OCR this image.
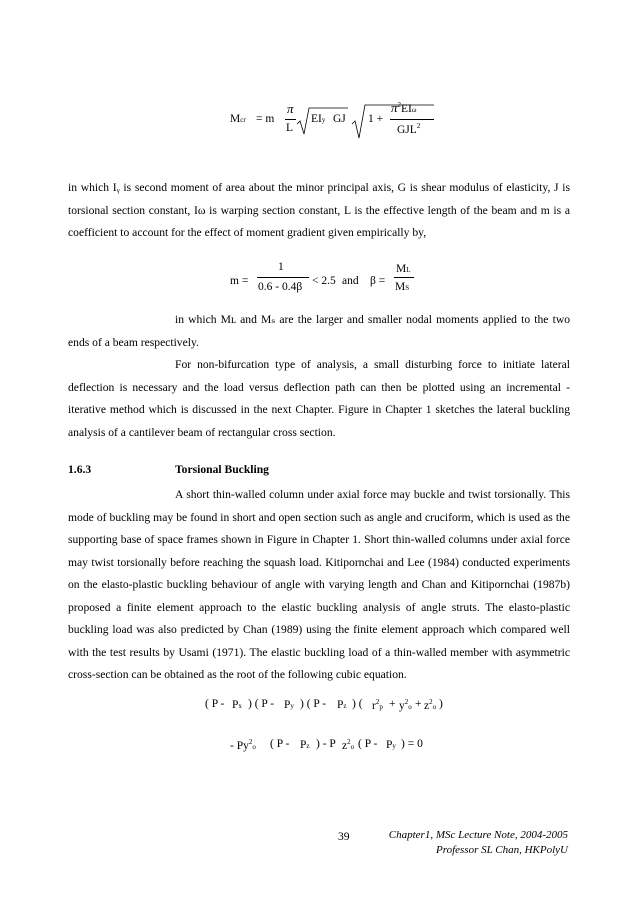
Mcr = m
π
L
EIy GJ 1 +
$\pi^2EI\omega$
GJL$^2$

in which Iᵧ is second moment of area about the minor principal axis, G is shear modulus of elasticity, J is torsional section constant, Iω is warping section constant, L is the effective length of the beam and m is a coefficient to account for the effect of moment gradient given empirically by,

m =
1
0.6 - 0.4β < 2.5 and β =
ML
MS

in which Mʟ and Mₛ are the larger and smaller nodal moments applied to the two ends of a beam respectively.

For non-bifurcation type of analysis, a small disturbing force to initiate lateral deflection is necessary and the load versus deflection path can then be plotted using an incremental - iterative method which is discussed in the next Chapter. Figure in Chapter 1 sketches the lateral buckling analysis of a cantilever beam of rectangular cross section.

1.6.3	Torsional Buckling

A short thin-walled column under axial force may buckle and twist torsionally. This mode of buckling may be found in short and open section such as angle and cruciform, which is used as the supporting base of space frames shown in Figure in Chapter 1. Short thin-walled columns under axial force may twist torsionally before reaching the squash load. Kitipornchai and Lee (1984) conducted experiments on the elasto-plastic buckling behaviour of angle with varying length and Chan and Kitipornchai (1987b) proposed a finite element approach to the elastic buckling analysis of angle struts. The elasto-plastic buckling load was also predicted by Chan (1989) using the finite element approach which compared well with the test results by Usami (1971). The elastic buckling load of a thin-walled member with asymmetric cross-section can be obtained as the root of the following cubic equation.

( P - Px ) ( P - Py ) ( P - Pz ) ( $r^2p + y^2o + z^2o$ )
- Py$^2$o ( P - Pz ) - P $z^2o$ ( P - Py ) = 0
39	Chapter1, MSc Lecture Note, 2004-2005
Professor SL Chan, HKPolyU
